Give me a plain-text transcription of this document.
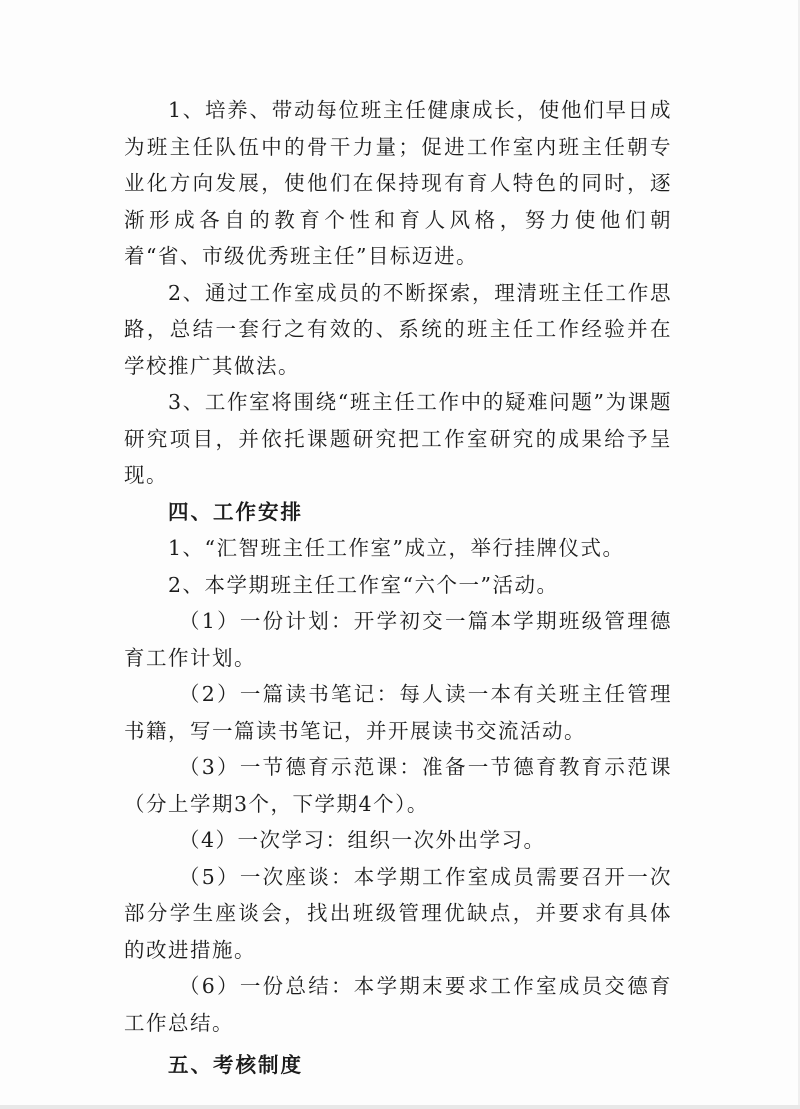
1、培养、带动每位班主任健康成长，使他们早日成为班主任队伍中的骨干力量；促进工作室内班主任朝专业化方向发展，使他们在保持现有育人特色的同时，逐渐形成各自的教育个性和育人风格，努力使他们朝着“省、市级优秀班主任”目标迈进。

2、通过工作室成员的不断探索，理清班主任工作思路，总结一套行之有效的、系统的班主任工作经验并在学校推广其做法。

3、工作室将围绕“班主任工作中的疑难问题”为课题研究项目，并依托课题研究把工作室研究的成果给予呈现。

四、工作安排

1、“汇智班主任工作室”成立，举行挂牌仪式。

2、本学期班主任工作室“六个一”活动。

（1）一份计划：开学初交一篇本学期班级管理德育工作计划。

（2）一篇读书笔记：每人读一本有关班主任管理书籍，写一篇读书笔记，并开展读书交流活动。

（3）一节德育示范课：准备一节德育教育示范课（分上学期3个，下学期4个）。

（4）一次学习：组织一次外出学习。

（5）一次座谈：本学期工作室成员需要召开一次部分学生座谈会，找出班级管理优缺点，并要求有具体的改进措施。

（6）一份总结：本学期末要求工作室成员交德育工作总结。

五、考核制度
